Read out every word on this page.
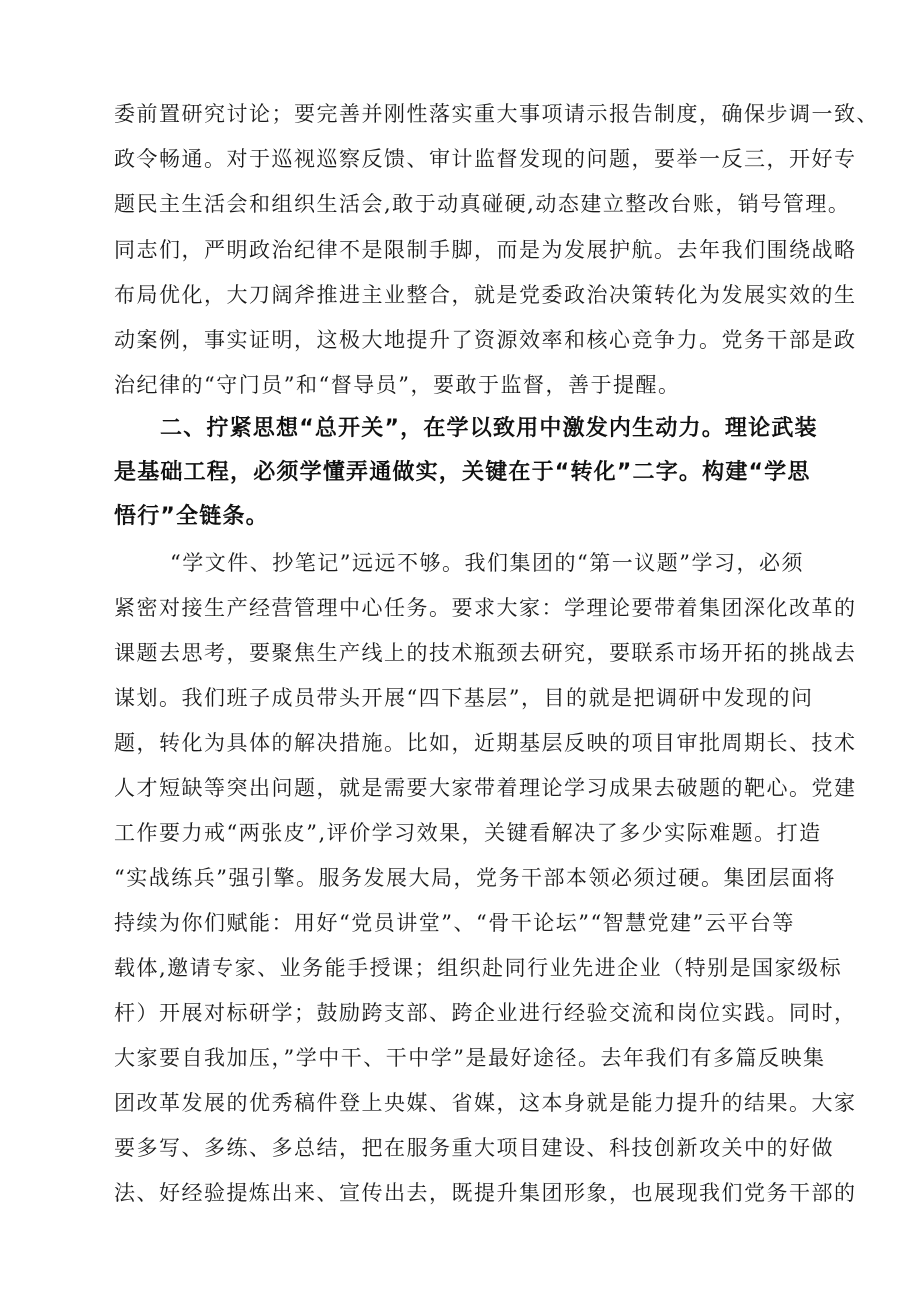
委前置研究讨论；要完善并刚性落实重大事项请示报告制度，确保步调一致、
政令畅通。对于巡视巡察反馈、审计监督发现的问题，要举一反三，开好专
题民主生活会和组织生活会,敢于动真碰硬,动态建立整改台账，销号管理。
同志们，严明政治纪律不是限制手脚，而是为发展护航。去年我们围绕战略
布局优化，大刀阔斧推进主业整合，就是党委政治决策转化为发展实效的生
动案例，事实证明，这极大地提升了资源效率和核心竞争力。党务干部是政
治纪律的“守门员”和“督导员”，要敢于监督，善于提醒。
二、拧紧思想“总开关”，在学以致用中激发内生动力。理论武装
是基础工程，必须学懂弄通做实，关键在于“转化”二字。构建“学思
悟行”全链条。
“学文件、抄笔记”远远不够。我们集团的“第一议题”学习，必须
紧密对接生产经营管理中心任务。要求大家：学理论要带着集团深化改革的
课题去思考，要聚焦生产线上的技术瓶颈去研究，要联系市场开拓的挑战去
谋划。我们班子成员带头开展“四下基层”，目的就是把调研中发现的问
题，转化为具体的解决措施。比如，近期基层反映的项目审批周期长、技术
人才短缺等突出问题，就是需要大家带着理论学习成果去破题的靶心。党建
工作要力戒“两张皮”,评价学习效果，关键看解决了多少实际难题。打造
“实战练兵”强引擎。服务发展大局，党务干部本领必须过硬。集团层面将
持续为你们赋能：用好“党员讲堂”、“骨干论坛”“智慧党建”云平台等
载体,邀请专家、业务能手授课；组织赴同行业先进企业（特别是国家级标
杆）开展对标研学；鼓励跨支部、跨企业进行经验交流和岗位实践。同时，
大家要自我加压，”学中干、干中学”是最好途径。去年我们有多篇反映集
团改革发展的优秀稿件登上央媒、省媒，这本身就是能力提升的结果。大家
要多写、多练、多总结，把在服务重大项目建设、科技创新攻关中的好做
法、好经验提炼出来、宣传出去，既提升集团形象，也展现我们党务干部的
